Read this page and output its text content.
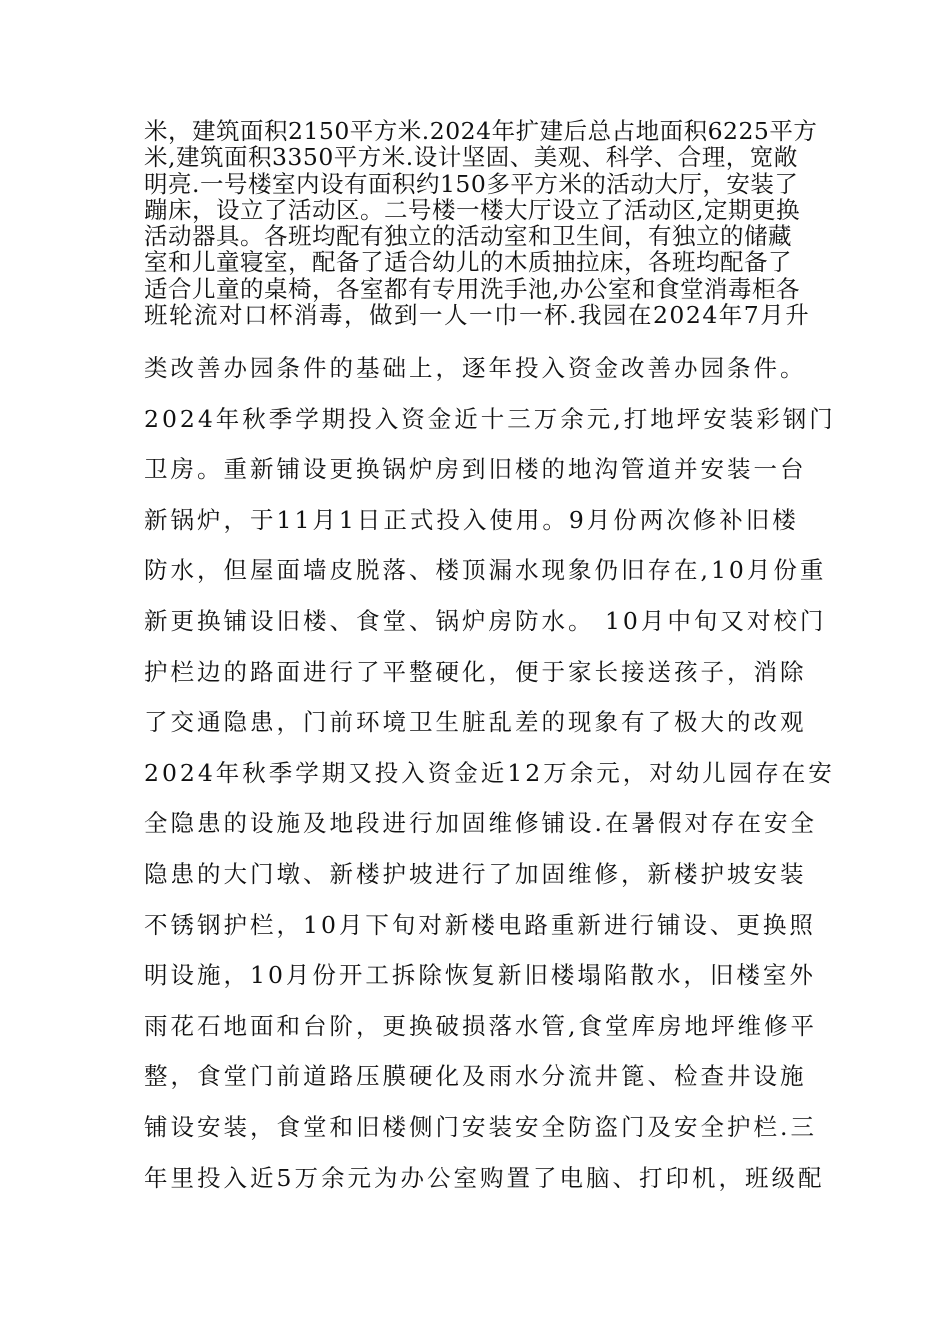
米，建筑面积2150平方米.2024年扩建后总占地面积6225平方
米,建筑面积3350平方米.设计坚固、美观、科学、合理，宽敞
明亮.一号楼室内设有面积约150多平方米的活动大厅，安装了
蹦床，设立了活动区。二号楼一楼大厅设立了活动区,定期更换
活动器具。各班均配有独立的活动室和卫生间，有独立的储藏
室和儿童寝室，配备了适合幼儿的木质抽拉床，各班均配备了
适合儿童的桌椅，各室都有专用洗手池,办公室和食堂消毒柜各
班轮流对口杯消毒，做到一人一巾一杯.我园在2024年7月升
类改善办园条件的基础上，逐年投入资金改善办园条件。
2024年秋季学期投入资金近十三万余元,打地坪安装彩钢门
卫房。重新铺设更换锅炉房到旧楼的地沟管道并安装一台
新锅炉，于11月1日正式投入使用。9月份两次修补旧楼
防水，但屋面墙皮脱落、楼顶漏水现象仍旧存在,10月份重
新更换铺设旧楼、食堂、锅炉房防水。 10月中旬又对校门
护栏边的路面进行了平整硬化，便于家长接送孩子，消除
了交通隐患，门前环境卫生脏乱差的现象有了极大的改观
2024年秋季学期又投入资金近12万余元，对幼儿园存在安
全隐患的设施及地段进行加固维修铺设.在暑假对存在安全
隐患的大门墩、新楼护坡进行了加固维修，新楼护坡安装
不锈钢护栏，10月下旬对新楼电路重新进行铺设、更换照
明设施，10月份开工拆除恢复新旧楼塌陷散水，旧楼室外
雨花石地面和台阶，更换破损落水管,食堂库房地坪维修平
整，食堂门前道路压膜硬化及雨水分流井篦、检查井设施
铺设安装，食堂和旧楼侧门安装安全防盗门及安全护栏.三
年里投入近5万余元为办公室购置了电脑、打印机，班级配
